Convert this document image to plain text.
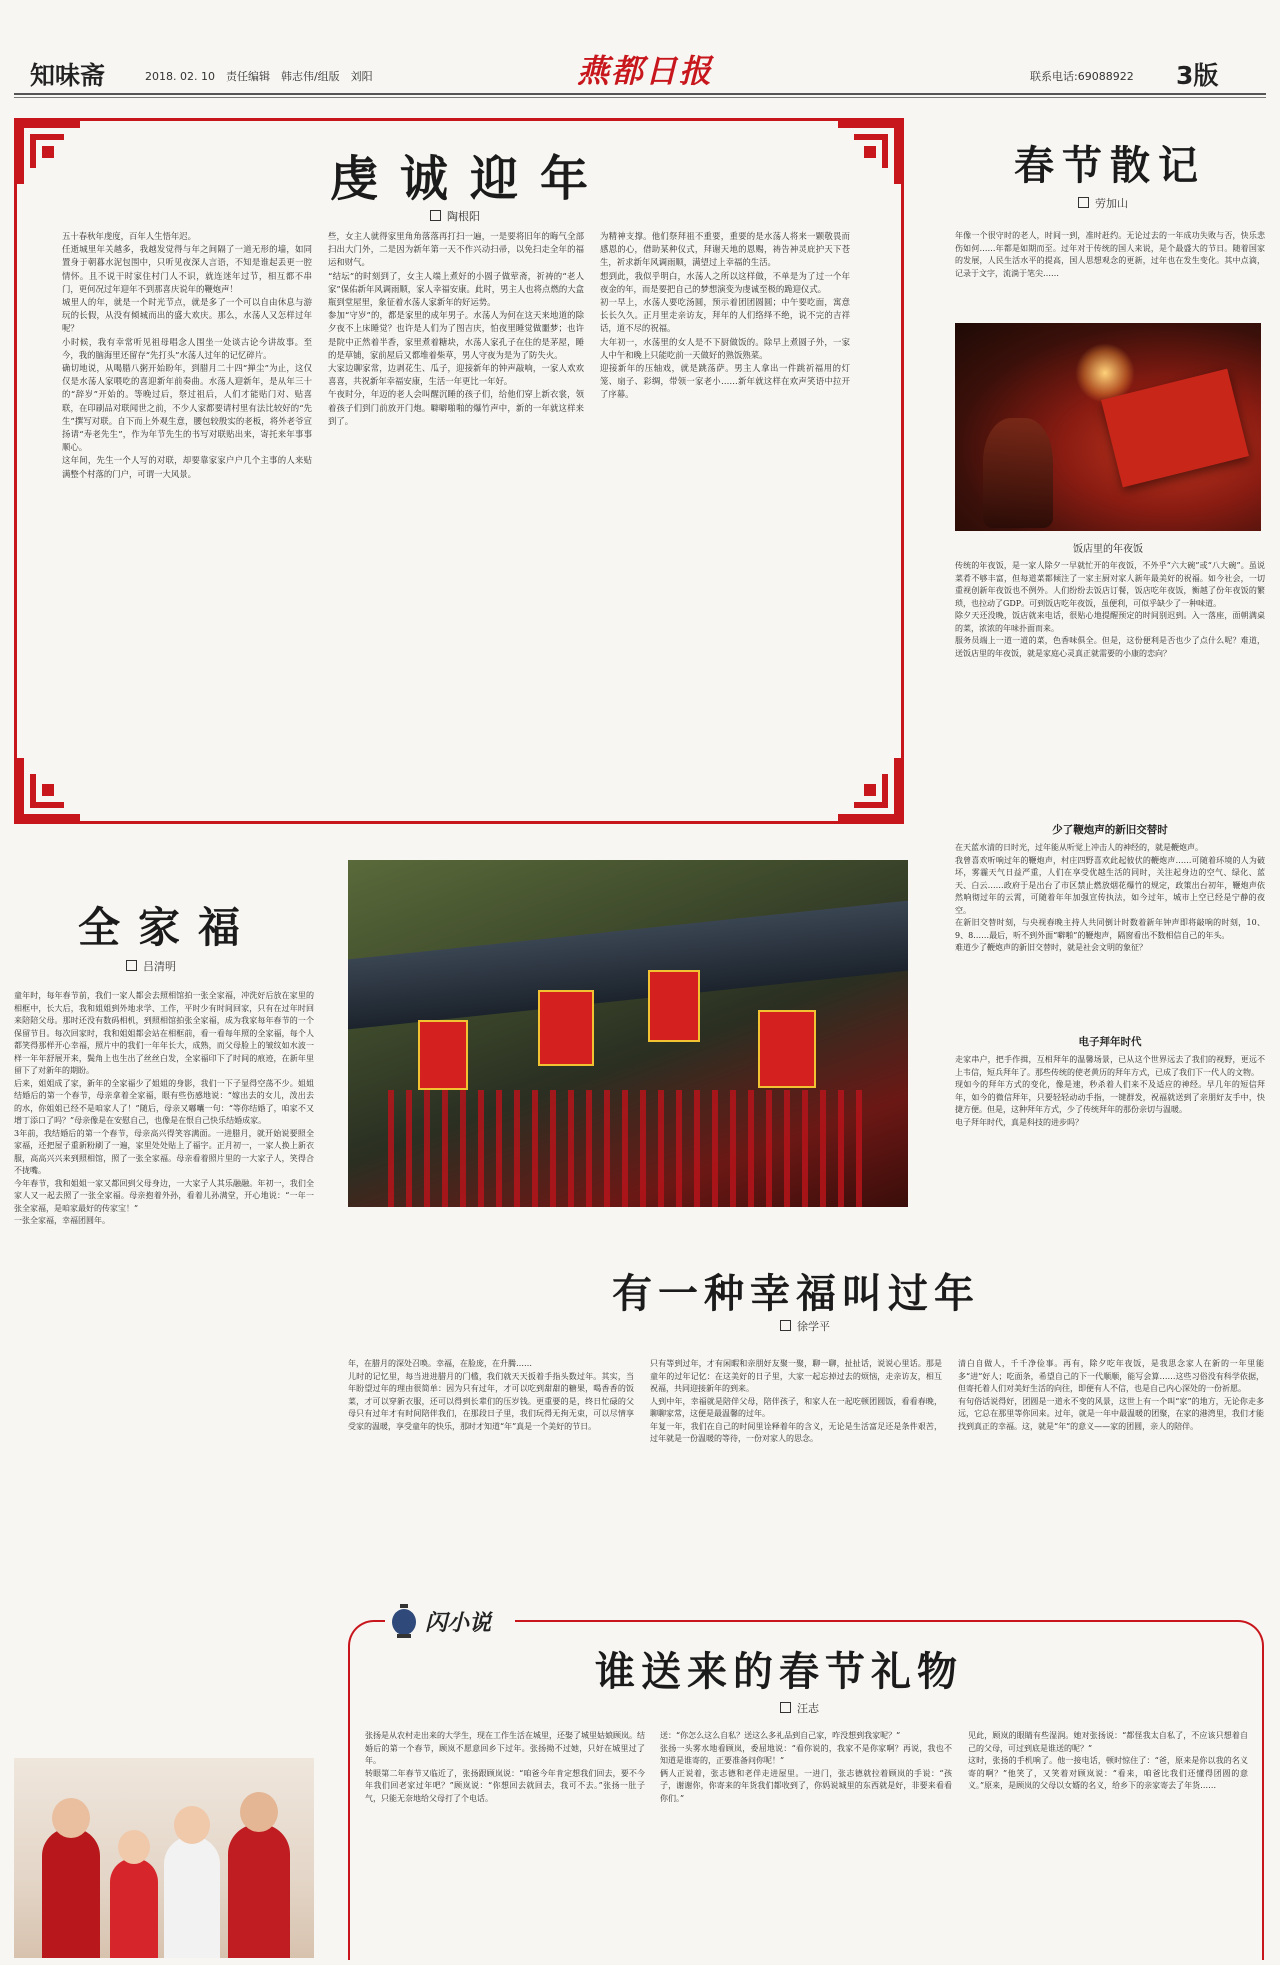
知味斋	2018. 02. 10　责任编辑　韩志伟/组版　刘阳	燕都日报	联系电话:69088922 3版
虔诚迎年
陶根阳
五十春秋年虔度，百年人生悟年迟。
任逝城里年关越多，我越发觉得与年之间隔了一道无形的墙，如同置身于朝暮水泥包围中，只听见夜深人言语，不知是谁起丢更一腔情怀。且不说干时家住村门人不识，就连迷年过节，相互都不串门，更何况过年迎年不到那喜庆说年的鞭炮声！
城里人的年，就是一个时光节点，就是多了一个可以自由休息与游玩的长假，从没有倾城而出的盛大欢庆。那么，水荡人又怎样过年呢？
小时候，我有幸常听见祖母唱念人围坐一处谈古论今讲故事。至今，我的脑海里还留存“先打头”水荡人过年的记忆碎片。
确切地说，从喝腊八粥开始盼年，到腊月二十四“掸尘”为止，这仅仅是水荡人家喂吃的喜迎新年前奏曲。水荡人迎新年，是从年三十的“辞岁”开始的。等晚过后，祭过祖后，人们才能贴门对、贴喜联，在印刷品对联闻世之前，不少人家都要请村里有法比较好的“先生”撰写对联。自下而上外观生意，腰包较殷实的老板，将外老爷宣扬请“寿老先生”，作为年节先生的书写对联贴出来，寄托来年事事顺心。
这年间，先生一个人写的对联，却要靠家家户户几个主事的人来贴满整个村落的门户，可谓一大风景。
些，女主人就得家里角角落落再打扫一遍，一是要将旧年的晦气全部扫出大门外，二是因为新年第一天不作兴动扫帚，以免扫走全年的福运和财气。
“结坛”的时刻到了，女主人端上煮好的小圆子做荤斋，祈祷的“老人家”保佑新年风调雨顺，家人幸福安康。此时，男主人也将点燃的大盒瓶到堂屋里，象征着水荡人家新年的好运势。
参加“守岁”的，都是家里的成年男子。水荡人为何在这天来地道的除夕夜不上床睡觉？也许是人们为了图吉庆，怕夜里睡觉做噩梦；也许是院中正然着半香，家里煮着糖块，水荡人家孔子在住的是茅屋，睡的是草铺，家前屋后又都堆着柴草，男人守夜为是为了防失火。
大家边聊家常，边剥花生、瓜子，迎接新年的钟声敲响，一家人欢欢喜喜，共祝新年幸福安康，生活一年更比一年好。
午夜时分，年迈的老人会叫醒沉睡的孩子们，给他们穿上新衣裳，领着孩子们到门前放开门炮。噼噼啪啪的爆竹声中，新的一年就这样来到了。
为精神支撑。他们祭拜祖不重要，重要的是水荡人将来一颗敬畏而感恩的心，借助某种仪式，拜谢天地的恩赐，祷告神灵庇护天下苍生，祈求新年风调雨顺，满望过上幸福的生活。
想到此，我似乎明白，水荡人之所以这样做，不单是为了过一个年夜金的年，而是要把自己的梦想演变为虔诚至极的跪迎仪式。
初一早上，水荡人要吃汤圆，预示着团团圆圆；中午要吃面，寓意长长久久。正月里走亲访友，拜年的人们络绎不绝，说不完的吉祥话，道不尽的祝福。
大年初一，水荡里的女人是不下厨做饭的。除早上煮圆子外，一家人中午和晚上只能吃前一天做好的熟饭熟菜。
迎接新年的压轴戏，就是跳荡萨。男主人拿出一件跳祈福用的灯笼、扇子、彩绸，带领一家老小……新年就这样在欢声笑语中拉开了序幕。
春节散记
劳加山
年像一个很守时的老人，时间一到，准时赶约。无论过去的一年成功失败与否，快乐悲伤如何……年都是如期而至。过年对于传统的国人来说，是个最盛大的节日。随着国家的发展，人民生活水平的提高，国人思想观念的更新，过年也在发生变化。其中点滴，记录于文字，流淌于笔尖……
饭店里的年夜饭
传统的年夜饭，是一家人除夕一早就忙开的年夜饭，不外乎“六大碗”或“八大碗”。虽说菜肴不够丰富，但每道菜都倾注了一家主厨对家人新年最美好的祝福。如今社会，一切重视创新年夜饭也不例外。人们纷纷去饭店订餐，饭店吃年夜饭，衡越了份年夜饭的繁琐，也拉动了GDP。可到饭店吃年夜饭，虽便利，可似乎缺少了一种味道。
除夕天还没晚，饭店就来电话，很贴心地提醒预定的时间别迟到。入一落座，面朝满桌的菜，浓浓的年味扑面而来。
服务员端上一道一道的菜，色香味俱全。但是，这份便利是否也少了点什么呢？难道，送饭店里的年夜饭，就是家庭心灵真正就需要的小康的恋向？
少了鞭炮声的新旧交替时
在天蓝水清的日时光，过年能从听觉上冲击人的神经的，就是鞭炮声。
我曾喜欢听响过年的鞭炮声，村庄四野喜欢此起彼伏的鞭炮声……可随着环境的人为破坏，雾霾天气日益严重，人们在享受优越生活的同时，关注起身边的空气、绿化、蓝天、白云……政府于是出台了市区禁止燃放烟花爆竹的规定，政策出台初年，鞭炮声依然响彻过年的云霄，可随着年年加强宣传执法，如今过年，城市上空已经是宁静的夜空。
在新旧交替时刻，与央视春晚主持人共同倒计时数着新年钟声即将敲响的时刻，10、9、8……最后，听不到外面“噼啪”的鞭炮声，隔窗看出不数相信自己的年头。
难道少了鞭炮声的新旧交替时，就是社会文明的象征？
电子拜年时代
走家串户，把手作揖，互相拜年的温馨场景，已从这个世界远去了我们的视野，更远不上韦信，短兵拜年了。那些传统的使老黄历的拜年方式，已成了我们下一代人的文物。
现如今的拜年方式的变化，像是速，秒杀着人们来不及适应的神经。早几年的短信拜年，如今的微信拜年，只要轻轻动动手指，一键群发，祝福就送到了亲朋好友手中，快捷方便。但是，这种拜年方式，少了传统拜年的那份亲切与温暖。
电子拜年时代，真是科技的进步吗？
全家福
吕清明
童年时，每年春节前，我们一家人都会去照相馆拍一张全家福，冲洗好后放在家里的相框中，长大后，我和姐姐到外地求学、工作，平时少有时间回家，只有在过年时回来陪陪父母。那时还没有数码相机，到照相馆拍张全家福，成为我家每年春节的一个保留节目。每次回家时，我和姐姐都会站在相框前，看一看每年照的全家福，每个人都笑得那样开心幸福，照片中的我们一年年长大，成熟，而父母脸上的皱纹如水波一样一年年舒展开来，鬓角上也生出了丝丝白发，全家福印下了时间的痕迹，在新年里留下了对新年的期盼。
后来，姐姐成了家，新年的全家福少了姐姐的身影，我们一下子显得空荡不少。姐姐结婚后的第一个春节，母亲拿着全家福，眼有些伤感地说：“嫁出去的女儿，泼出去的水，你姐姐已经不是咱家人了！”随后，母亲又嘟囔一句：“等你结婚了，咱家不又增丁添口了吗？”母亲像是在安慰自己，也像是在恨自己快乐结婚成家。
3年前，我结婚后的第一个春节，母亲高兴得笑容满面。一进腊月，就开始说要照全家福，还把屋子重新粉刷了一遍，家里处处贴上了福字。正月初一，一家人换上新衣服，高高兴兴来到照相馆，照了一张全家福。母亲看着照片里的一大家子人，笑得合不拢嘴。
今年春节，我和姐姐一家又都回到父母身边，一大家子人其乐融融。年初一，我们全家人又一起去照了一张全家福。母亲抱着外孙，看着儿孙满堂，开心地说：“一年一张全家福，是咱家最好的传家宝！”
一张全家福，幸福团圆年。
有一种幸福叫过年
徐学平
年，在腊月的深处召唤。幸福，在脸庞，在升腾……
儿时的记忆里，每当进进腊月的门槛，我们就天天扳着手指头数过年。其实，当年盼望过年的理由很简单：因为只有过年，才可以吃到甜甜的糖果，喝香香的饭菜，才可以穿新衣服，还可以得到长辈们的压岁钱。更重要的是，终日忙碌的父母只有过年才有时间陪伴我们，在那段日子里，我们玩得无拘无束，可以尽情享受家的温暖，享受童年的快乐，那时才知道“年”真是一个美好的节日。
只有等到过年，才有闲暇和亲朋好友聚一聚，聊一聊，扯扯话，说说心里话。那是童年的过年记忆：在这美好的日子里，大家一起忘掉过去的烦恼，走亲访友，相互祝福，共同迎接新年的到来。
人到中年，幸福就是陪伴父母，陪伴孩子，和家人在一起吃顿团圆饭，看看春晚，聊聊家常，这便是最温馨的过年。
年复一年，我们在自己的时间里诠释着年的含义，无论是生活富足还是条件艰苦，过年就是一份温暖的等待，一份对家人的思念。
清白自做人，千千净俭事。再有，除夕吃年夜饭，是我思念家人在新的一年里能多“进”好人；吃面条，希望自己的下一代顺顺，能写会算……这些习俗没有科学依据，但寄托着人们对美好生活的向往，即便有人不信，也是自己内心深处的一份祈愿。
有句俗话说得好，团圆是一道永不变的风景，这世上有一个叫“家”的地方，无论你走多远，它总在那里等你回来。过年，就是一年中最温暖的团聚，在家的港湾里，我们才能找到真正的幸福。这，就是“年”的意义——家的团圆，亲人的陪伴。
闪小说
谁送来的春节礼物
汪志
张扬是从农村走出来的大学生，现在工作生活在城里，还娶了城里姑娘顾岚。结婚后的第一个春节，顾岚不愿意回乡下过年。张扬拗不过她，只好在城里过了年。
转眼第二年春节又临近了，张扬跟顾岚说：“咱爸今年肯定想我们回去，要不今年我们回老家过年吧？”顾岚说：“你想回去就回去，我可不去。”张扬一肚子气，只能无奈地给父母打了个电话。
送：“你怎么这么自私？送这么多礼品到自己家，咋没想到我家呢？”
张扬一头雾水地看顾岚，委屈地说：“看你说的，我家不是你家啊？再说，我也不知道是谁寄的，正要准备问你呢！”
俩人正说着，张志德和老伴走进屋里。一进门，张志德就拉着顾岚的手说：“孩子，谢谢你，你寄来的年货我们都收到了，你妈说城里的东西就是好，非要来看看你们。”
见此，顾岚的眼睛有些湿润。她对张扬说：“都怪我太自私了，不应该只想着自己的父母，可过到底是谁送的呢？”
这时，张扬的手机响了。他一接电话，顿时惊住了：“爸，原来是你以我的名义寄的啊？”他笑了，又笑着对顾岚说：“看来，咱爸比我们还懂得团圆的意义。”原来，是顾岚的父母以女婿的名义，给乡下的亲家寄去了年货……
